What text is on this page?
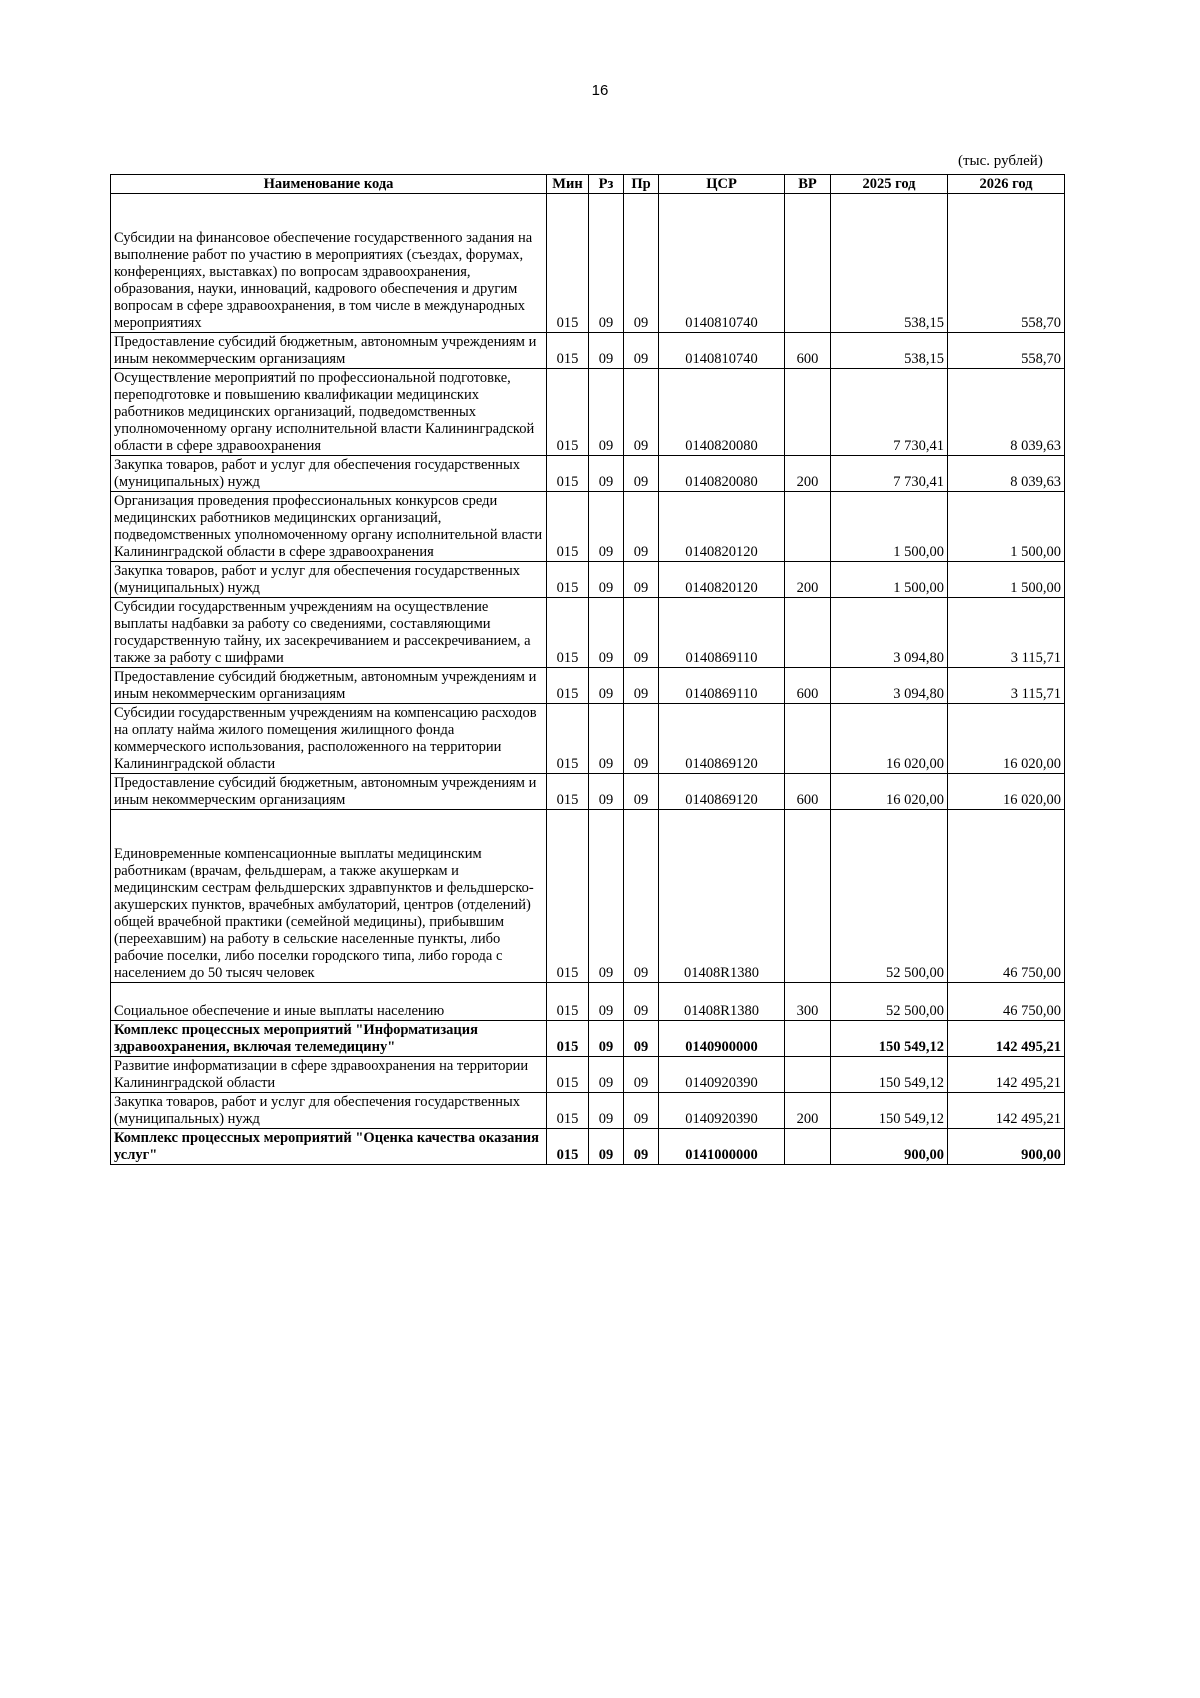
16
(тыс. рублей)
Наименование кода	Мин	Рз	Пр	ЦСР	ВР	2025 год	2026 год
Субсидии на финансовое обеспечение государственного задания на выполнение работ по участию в мероприятиях (съездах, форумах, конференциях, выставках) по вопросам здравоохранения, образования, науки, инноваций, кадрового обеспечения и другим вопросам в сфере здравоохранения, в том числе в международных мероприятиях	015	09	09	0140810740		538,15	558,70
Предоставление субсидий бюджетным, автономным учреждениям и иным некоммерческим организациям	015	09	09	0140810740	600	538,15	558,70
Осуществление мероприятий по профессиональной подготовке, переподготовке и повышению квалификации медицинских работников медицинских организаций, подведомственных уполномоченному органу исполнительной власти Калининградской области в сфере здравоохранения	015	09	09	0140820080		7 730,41	8 039,63
Закупка товаров, работ и услуг для обеспечения государственных (муниципальных) нужд	015	09	09	0140820080	200	7 730,41	8 039,63
Организация проведения профессиональных конкурсов среди медицинских работников медицинских организаций, подведомственных уполномоченному органу исполнительной власти Калининградской области в сфере здравоохранения	015	09	09	0140820120		1 500,00	1 500,00
Закупка товаров, работ и услуг для обеспечения государственных (муниципальных) нужд	015	09	09	0140820120	200	1 500,00	1 500,00
Субсидии государственным учреждениям на осуществление выплаты надбавки за работу со сведениями, составляющими государственную тайну, их засекречиванием и рассекречиванием, а также за работу с шифрами	015	09	09	0140869110		3 094,80	3 115,71
Предоставление субсидий бюджетным, автономным учреждениям и иным некоммерческим организациям	015	09	09	0140869110	600	3 094,80	3 115,71
Субсидии государственным учреждениям на компенсацию расходов на оплату найма жилого помещения жилищного фонда коммерческого использования, расположенного на территории Калининградской области	015	09	09	0140869120		16 020,00	16 020,00
Предоставление субсидий бюджетным, автономным учреждениям и иным некоммерческим организациям	015	09	09	0140869120	600	16 020,00	16 020,00
Единовременные компенсационные выплаты медицинским работникам (врачам, фельдшерам, а также акушеркам и медицинским сестрам фельдшерских здравпунктов и фельдшерско-акушерских пунктов, врачебных амбулаторий, центров (отделений) общей врачебной практики (семейной медицины), прибывшим (переехавшим) на работу в сельские населенные пункты, либо рабочие поселки, либо поселки городского типа, либо города с населением до 50 тысяч человек	015	09	09	01408R1380		52 500,00	46 750,00
Социальное обеспечение и иные выплаты населению	015	09	09	01408R1380	300	52 500,00	46 750,00
Комплекс процессных мероприятий "Информатизация здравоохранения, включая телемедицину"	015	09	09	0140900000		150 549,12	142 495,21
Развитие информатизации в сфере здравоохранения на территории Калининградской области	015	09	09	0140920390		150 549,12	142 495,21
Закупка товаров, работ и услуг для обеспечения государственных (муниципальных) нужд	015	09	09	0140920390	200	150 549,12	142 495,21
Комплекс процессных мероприятий "Оценка качества оказания услуг"	015	09	09	0141000000		900,00	900,00
